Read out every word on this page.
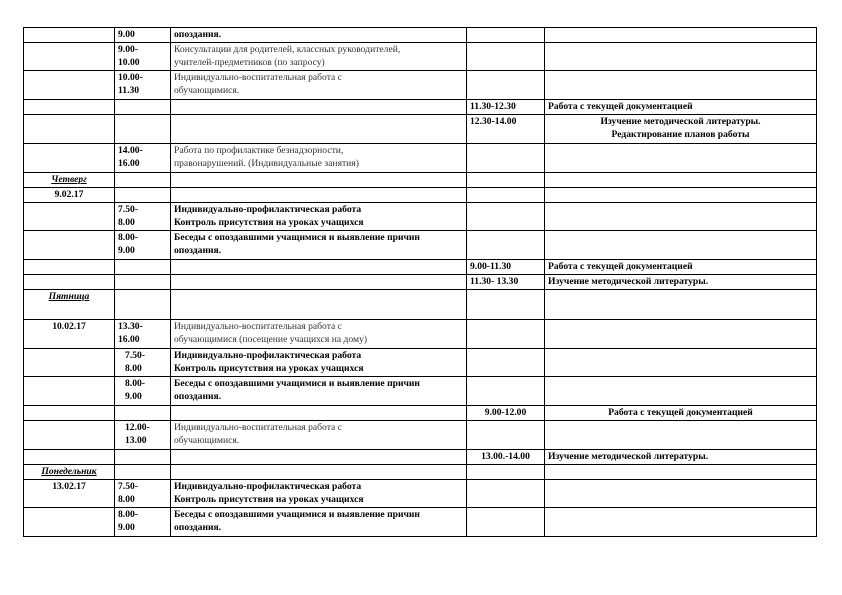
	9.00	опоздания.		

	9.00-
10.00	Консультации для родителей, классных руководителей,
учителей-предметников (по запросу)		

	10.00-
11.30	Индивидуально-воспитательная работа с
обучающимися.		

			11.30-12.30	Работа с текущей документацией

			12.30-14.00	Изучение методической литературы.
Редактирование планов работы

	14.00-
16.00	Работа по профилактике безнадзорности,
правонарушений. (Индивидуальные занятия)		

Четверг	

9.02.17				

	7.50-
8.00	Индивидуально-профилактическая работа
Контроль присутствия на уроках учащихся		

	8.00-
9.00	Беседы с опоздавшими учащимися и выявление причин
опоздания.		

			9.00-11.30	Работа с текущей документацией

			11.30- 13.30	Изучение методической литературы.

Пятница	

10.02.17	13.30-
16.00	Индивидуально-воспитательная работа с
обучающимися (посещение учащихся на дому)		

	7.50-
8.00	Индивидуально-профилактическая работа
Контроль присутствия на уроках учащихся		

	8.00-
9.00	Беседы с опоздавшими учащимися и выявление причин
опоздания.		

			9.00-12.00	Работа с текущей документацией

	12.00-
13.00	Индивидуально-воспитательная работа с
обучающимися.		

			13.00.-14.00	Изучение методической литературы.

Понедельник	

13.02.17	7.50-
8.00	Индивидуально-профилактическая работа
Контроль присутствия на уроках учащихся		

	8.00-
9.00	Беседы с опоздавшими учащимися и выявление причин
опоздания.		
